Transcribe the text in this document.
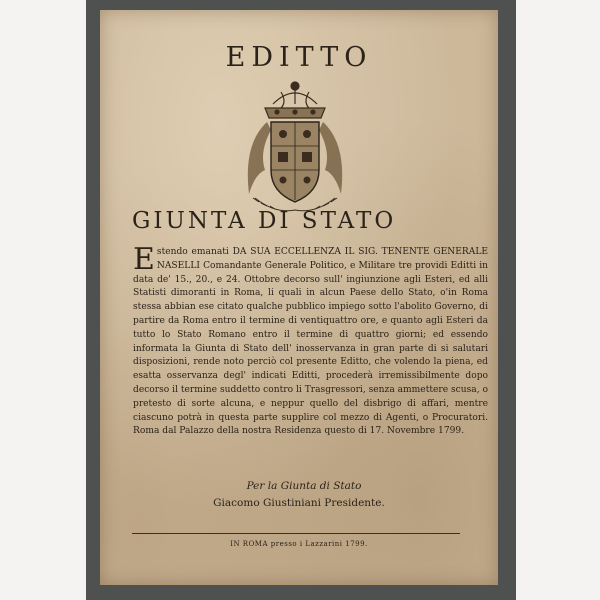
EDITTO
GIUNTA DI STATO
Estendo emanati DA SUA ECCELLENZA IL SIG. TENENTE GENERALE NASELLI Comandante Generale Politico, e Militare tre providi Editti in data de' 15., 20., e 24. Ottobre decorso sull' ingiunzione agli Esteri, ed alli Statisti dimoranti in Roma, li quali in alcun Paese dello Stato, o'in Roma stessa abbian ese citato qualche pubblico impiego sotto l'abolito Governo, di partire da Roma entro il termine di ventiquattro ore, e quanto agli Esteri da tutto lo Stato Romano entro il termine di quattro giorni; ed essendo informata la Giunta di Stato dell' inosservanza in gran parte di si salutari disposizioni, rende noto perciò col presente Editto, che volendo la piena, ed esatta osservanza degl' indicati Editti, procederà irremissibilmente dopo decorso il termine suddetto contro li Trasgressori, senza ammettere scusa, o pretesto di sorte alcuna, e neppur quello del disbrigo di affari, mentre ciascuno potrà in questa parte supplire col mezzo di Agenti, o Procuratori. Roma dal Palazzo della nostra Residenza questo di 17. Novembre 1799.
Per la Giunta di Stato
Giacomo Giustiniani Presidente.
IN ROMA presso i Lazzarini 1799.
